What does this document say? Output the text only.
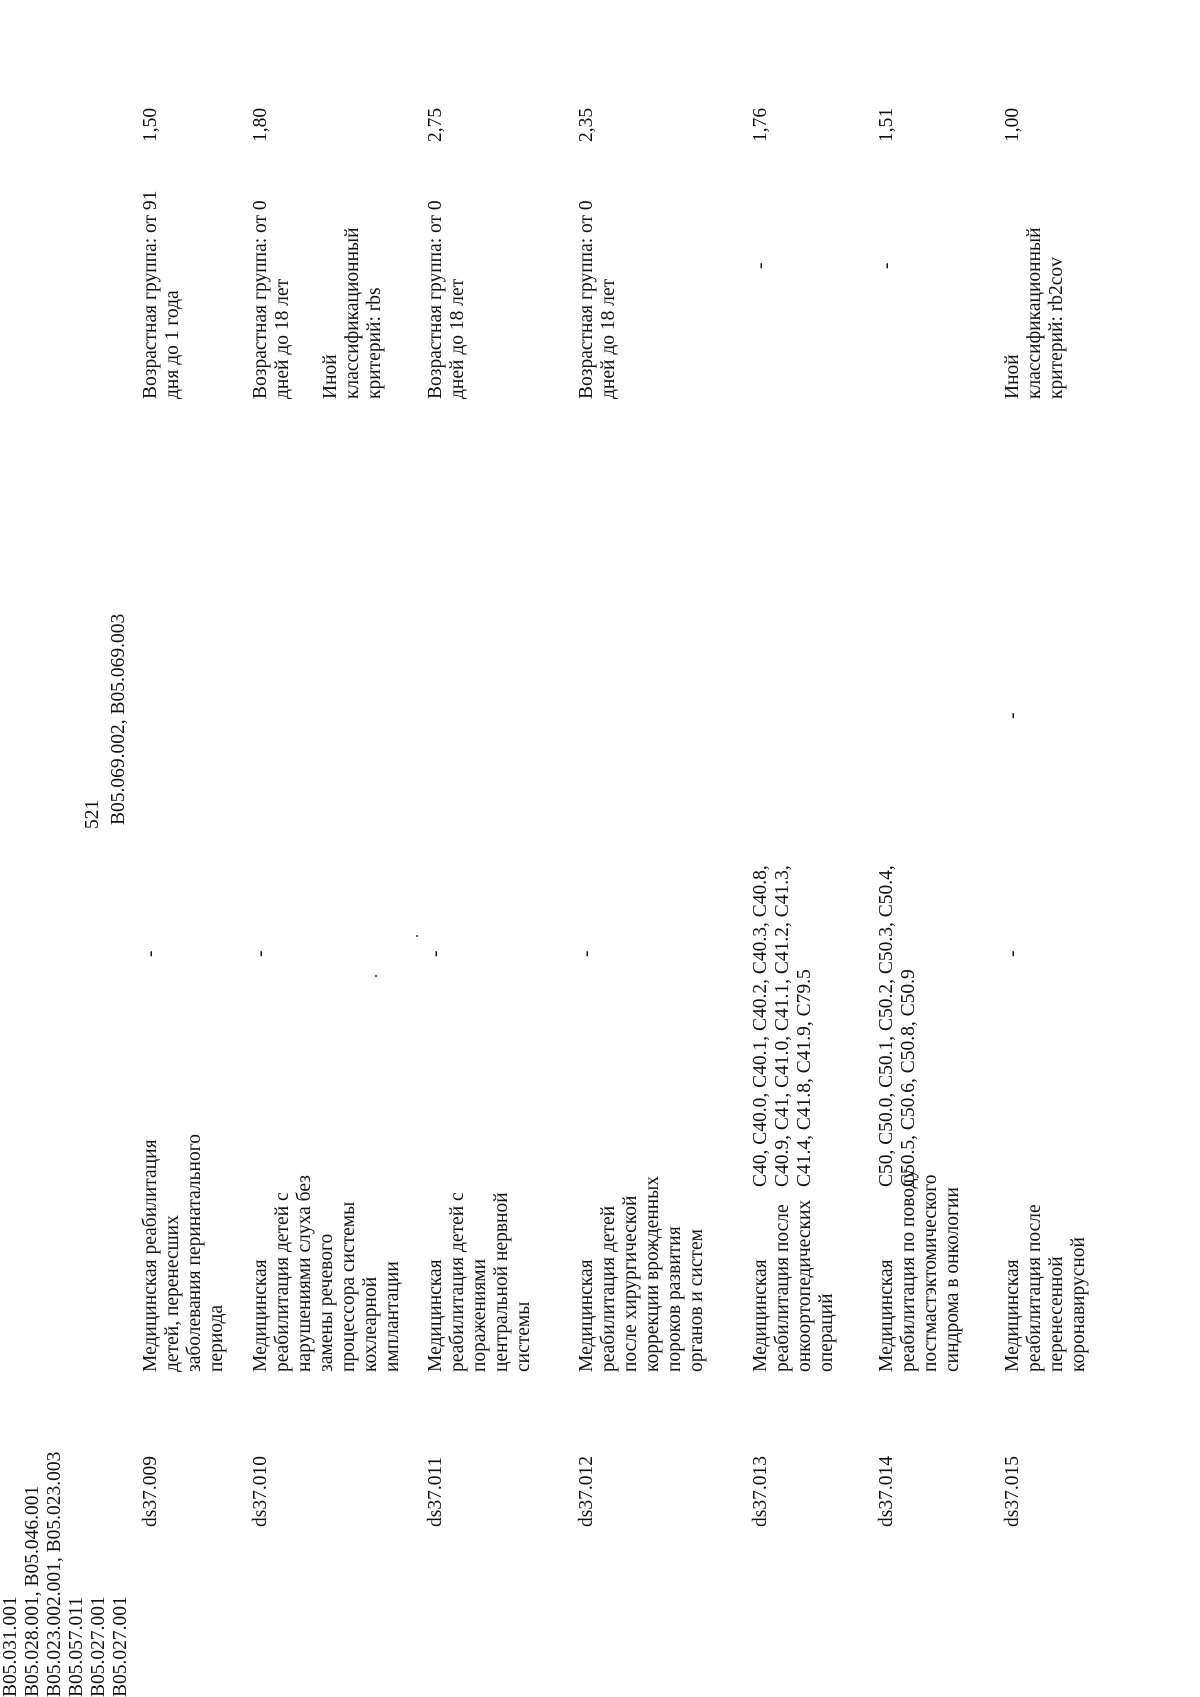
521 B05.069.002, B05.069.003
ds37.009
Медицинская реабилитация детей, перенесших заболевания перинатального периода
-
B05.031.001
Возрастная группа: от 91 дня до 1 года
1,50
ds37.010
Медицинская реабилитация детей с нарушениями слуха без замены речевого процессора системы кохлеарной имплантации
-
B05.028.001, B05.046.001
Возрастная группа: от 0 дней до 18 лет Иной классификационный критерий: rbs
1,80
ds37.011
Медицинская реабилитация детей с поражениями центральной нервной системы
-
B05.023.002.001, B05.023.003
Возрастная группа: от 0 дней до 18 лет
2,75
ds37.012
Медицинская реабилитация детей после хирургической коррекции врожденных пороков развития органов и систем
-
B05.057.011
Возрастная группа: от 0 дней до 18 лет
2,35
ds37.013
Медицинская реабилитация после онкоортопедических операций
C40, C40.0, C40.1, C40.2, C40.3, C40.8, C40.9, C41, C41.0, C41.1, C41.2, C41.3, C41.4, C41.8, C41.9, C79.5
B05.027.001
-
1,76
ds37.014
Медицинская реабилитация по поводу постмастэктомического синдрома в онкологии
C50, C50.0, C50.1, C50.2, C50.3, C50.4, C50.5, C50.6, C50.8, C50.9
B05.027.001
-
1,51
ds37.015
Медицинская реабилитация после перенесенной коронавирусной
-
-
Иной классификационный критерий: rb2cov
1,00
